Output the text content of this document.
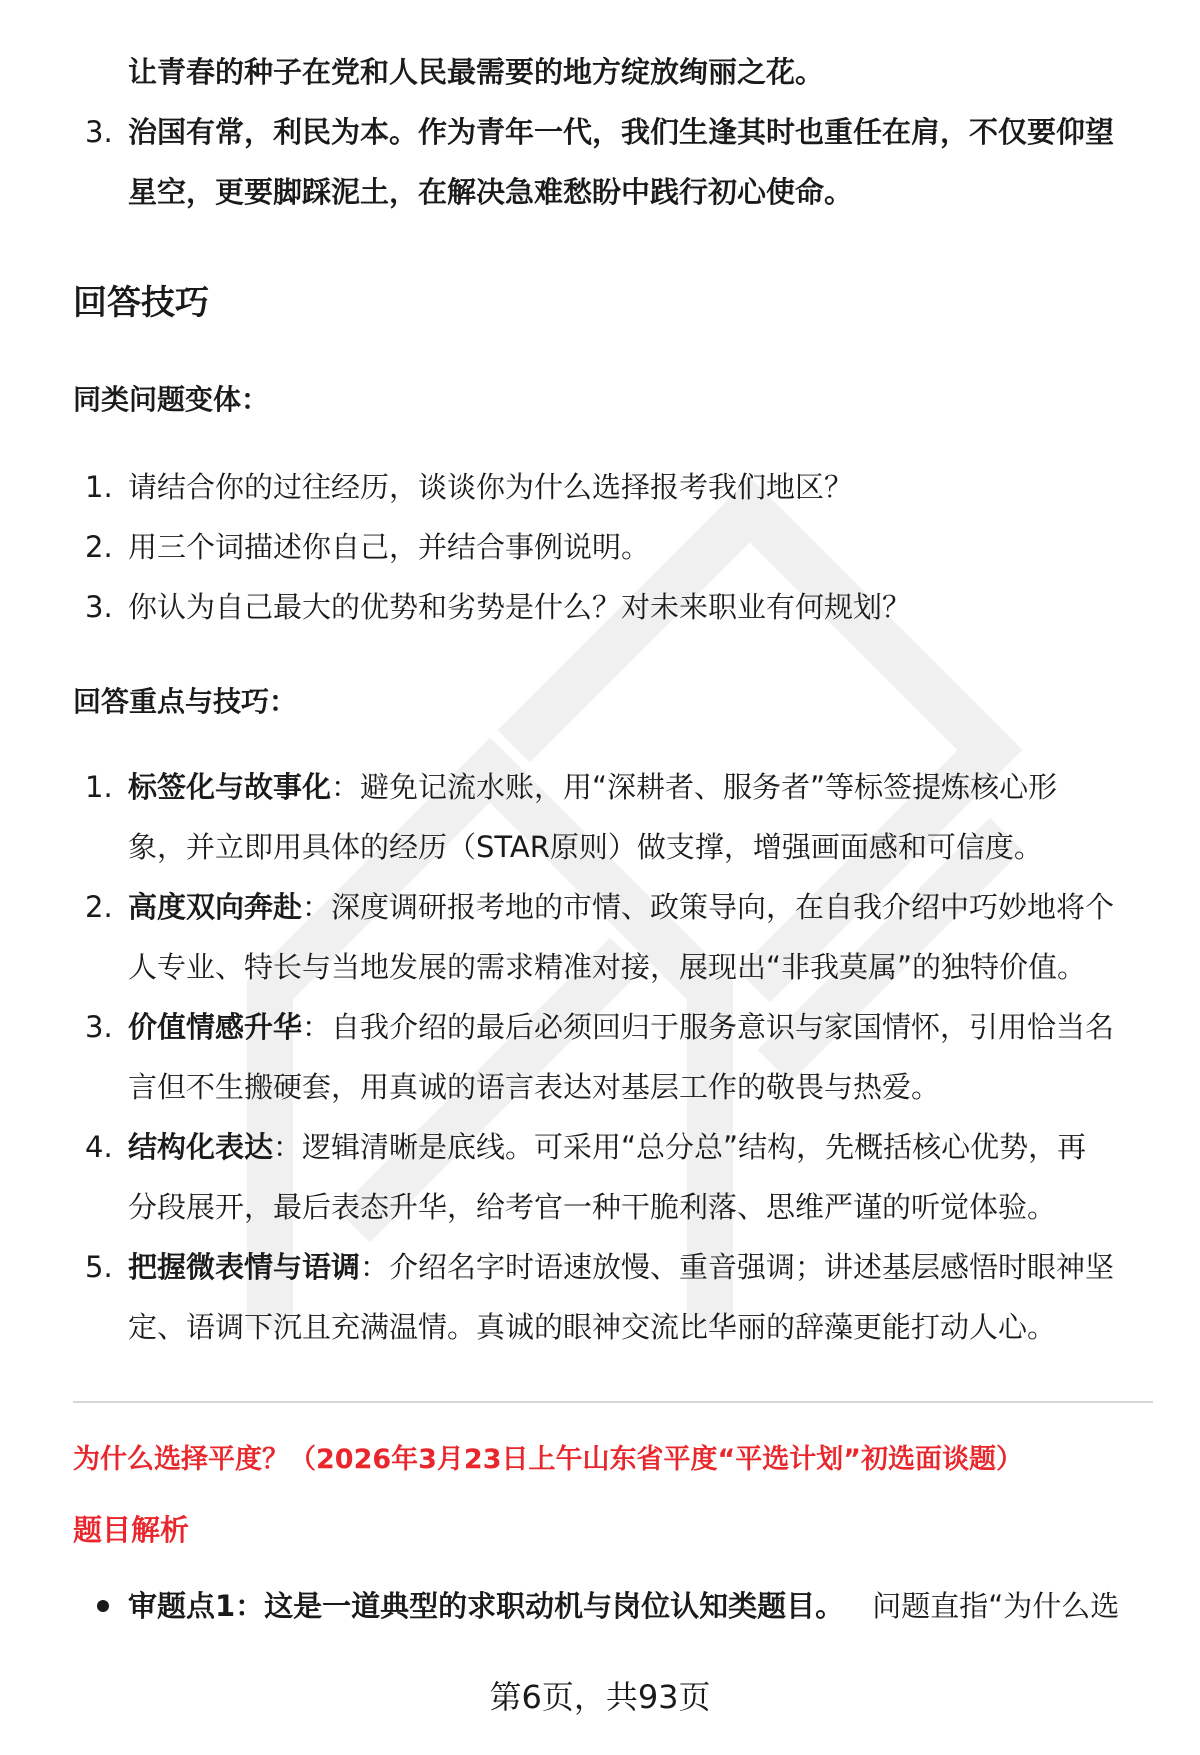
让青春的种子在党和人民最需要的地方绽放绚丽之花。
3. 治国有常，利民为本。作为青年一代，我们生逢其时也重任在肩，不仅要仰望
星空，更要脚踩泥土，在解决急难愁盼中践行初心使命。
回答技巧
同类问题变体：
1. 请结合你的过往经历，谈谈你为什么选择报考我们地区？
2. 用三个词描述你自己，并结合事例说明。
3. 你认为自己最大的优势和劣势是什么？对未来职业有何规划？
回答重点与技巧：
1. 标签化与故事化：避免记流水账，用“深耕者、服务者”等标签提炼核心形
象，并立即用具体的经历（STAR原则）做支撑，增强画面感和可信度。
2. 高度双向奔赴：深度调研报考地的市情、政策导向，在自我介绍中巧妙地将个
人专业、特长与当地发展的需求精准对接，展现出“非我莫属”的独特价值。
3. 价值情感升华：自我介绍的最后必须回归于服务意识与家国情怀，引用恰当名
言但不生搬硬套，用真诚的语言表达对基层工作的敬畏与热爱。
4. 结构化表达：逻辑清晰是底线。可采用“总分总”结构，先概括核心优势，再
分段展开，最后表态升华，给考官一种干脆利落、思维严谨的听觉体验。
5. 把握微表情与语调：介绍名字时语速放慢、重音强调；讲述基层感悟时眼神坚
定、语调下沉且充满温情。真诚的眼神交流比华丽的辞藻更能打动人心。
为什么选择平度？（2026年3月23日上午山东省平度“平选计划”初选面谈题）
题目解析
审题点1：这是一道典型的求职动机与岗位认知类题目。 问题直指“为什么选
第6页，共93页
